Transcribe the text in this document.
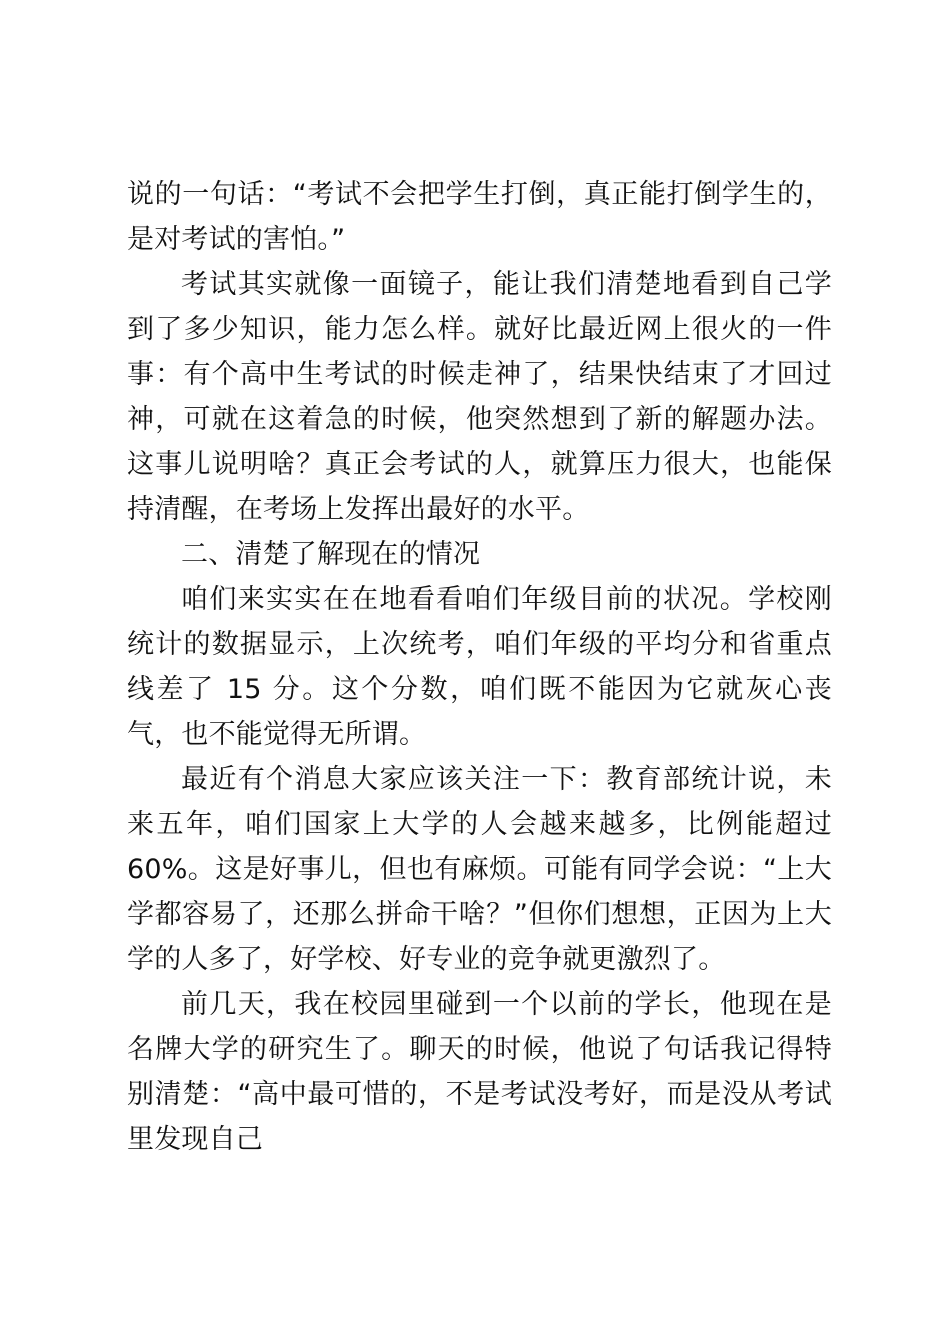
说的一句话：“考试不会把学生打倒，真正能打倒学生的，是对考试的害怕。”

考试其实就像一面镜子，能让我们清楚地看到自己学到了多少知识，能力怎么样。就好比最近网上很火的一件事：有个高中生考试的时候走神了，结果快结束了才回过神，可就在这着急的时候，他突然想到了新的解题办法。这事儿说明啥？真正会考试的人，就算压力很大，也能保持清醒，在考场上发挥出最好的水平。

二、清楚了解现在的情况

咱们来实实在在地看看咱们年级目前的状况。学校刚统计的数据显示，上次统考，咱们年级的平均分和省重点线差了 15 分。这个分数，咱们既不能因为它就灰心丧气，也不能觉得无所谓。

最近有个消息大家应该关注一下：教育部统计说，未来五年，咱们国家上大学的人会越来越多，比例能超过 60%。这是好事儿，但也有麻烦。可能有同学会说：“上大学都容易了，还那么拼命干啥？”但你们想想，正因为上大学的人多了，好学校、好专业的竞争就更激烈了。

前几天，我在校园里碰到一个以前的学长，他现在是名牌大学的研究生了。聊天的时候，他说了句话我记得特别清楚：“高中最可惜的，不是考试没考好，而是没从考试里发现自己
